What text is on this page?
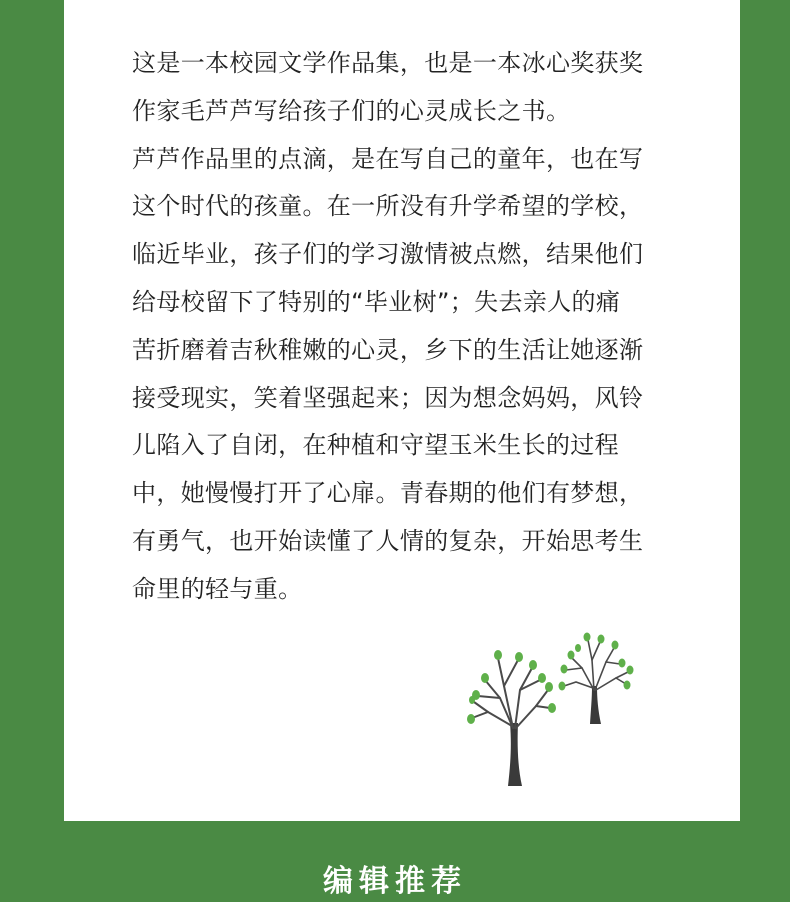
这是一本校园文学作品集，也是一本冰心奖获奖
作家毛芦芦写给孩子们的心灵成长之书。
芦芦作品里的点滴，是在写自己的童年，也在写
这个时代的孩童。在一所没有升学希望的学校，
临近毕业，孩子们的学习激情被点燃，结果他们
给母校留下了特别的“毕业树”；失去亲人的痛
苦折磨着吉秋稚嫩的心灵，乡下的生活让她逐渐
接受现实，笑着坚强起来；因为想念妈妈，风铃
儿陷入了自闭，在种植和守望玉米生长的过程
中，她慢慢打开了心扉。青春期的他们有梦想，
有勇气，也开始读懂了人情的复杂，开始思考生
命里的轻与重。
编辑推荐
